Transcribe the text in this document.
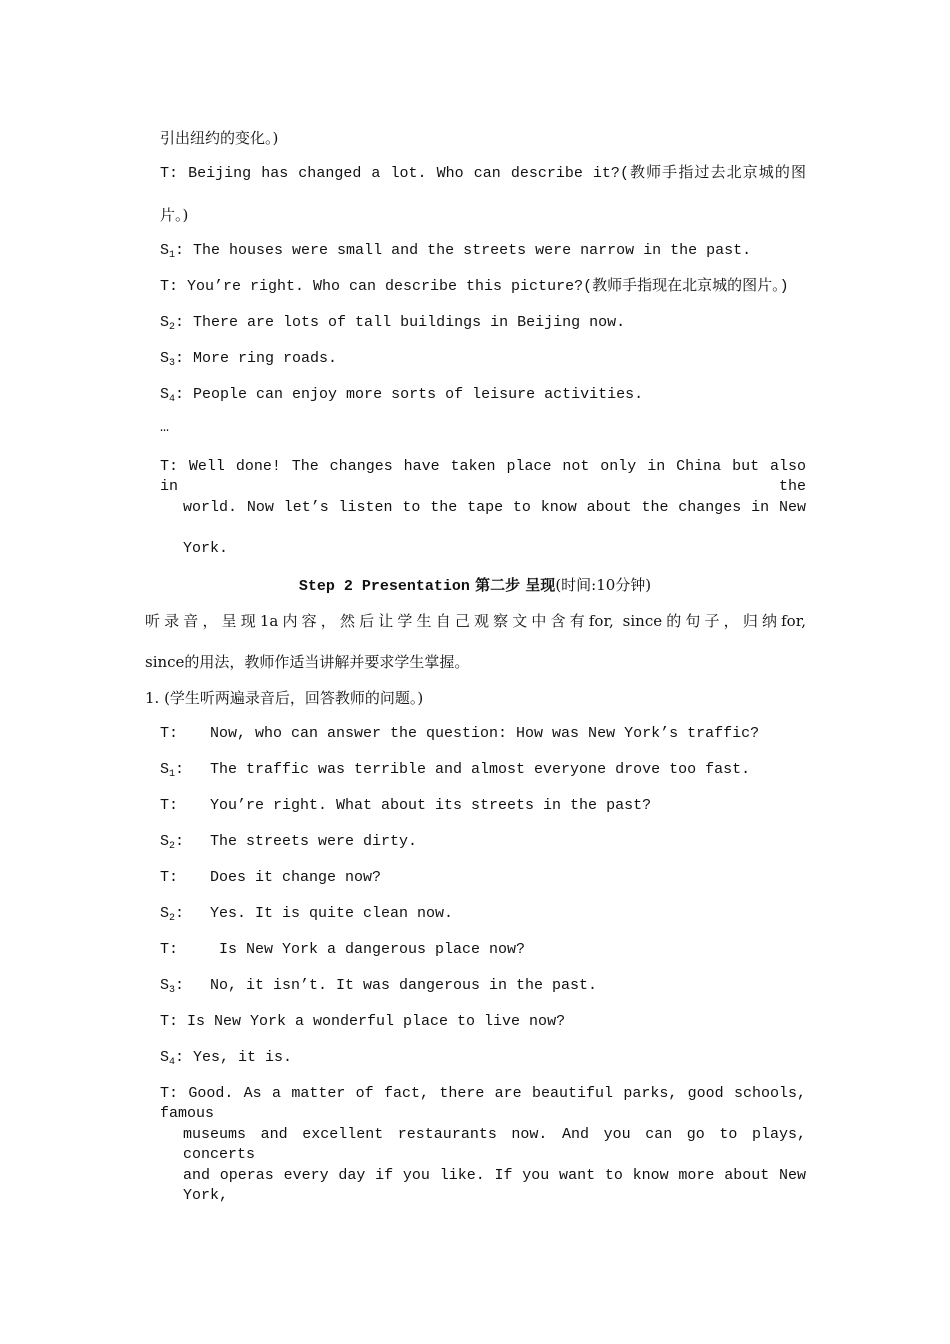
引出纽约的变化。)
T: Beijing has changed a lot. Who can describe it?(教师手指过去北京城的图
片。)
$S_1$: The houses were small and the streets were narrow in the past.
T: You’re right. Who can describe this picture?(教师手指现在北京城的图片。)
$S_2$: There are lots of tall buildings in Beijing now.
$S_3$: More ring roads.
$S_4$: People can enjoy more sorts of leisure activities.
…
T: Well done! The changes have taken place not only in China but also in the
world. Now let’s listen to the tape to know about the changes in New
York.
Step 2 Presentation 第二步 呈现(时间:10分钟)
听录音，呈现1a内容，然后让学生自己观察文中含有for, since的句子，归纳for,
since的用法，教师作适当讲解并要求学生掌握。
1. (学生听两遍录音后，回答教师的问题。)
T: Now, who can answer the question: How was New York’s traffic?
$S_1$: The traffic was terrible and almost everyone drove too fast.
T: You’re right. What about its streets in the past?
$S_2$: The streets were dirty.
T: Does it change now?
$S_2$: Yes. It is quite clean now.
T: Is New York a dangerous place now?
$S_3$: No, it isn’t. It was dangerous in the past.
T: Is New York a wonderful place to live now?
$S_4$: Yes, it is.
T: Good. As a matter of fact, there are beautiful parks, good schools, famous
museums and excellent restaurants now. And you can go to plays, concerts
and operas every day if you like. If you want to know more about New York,
